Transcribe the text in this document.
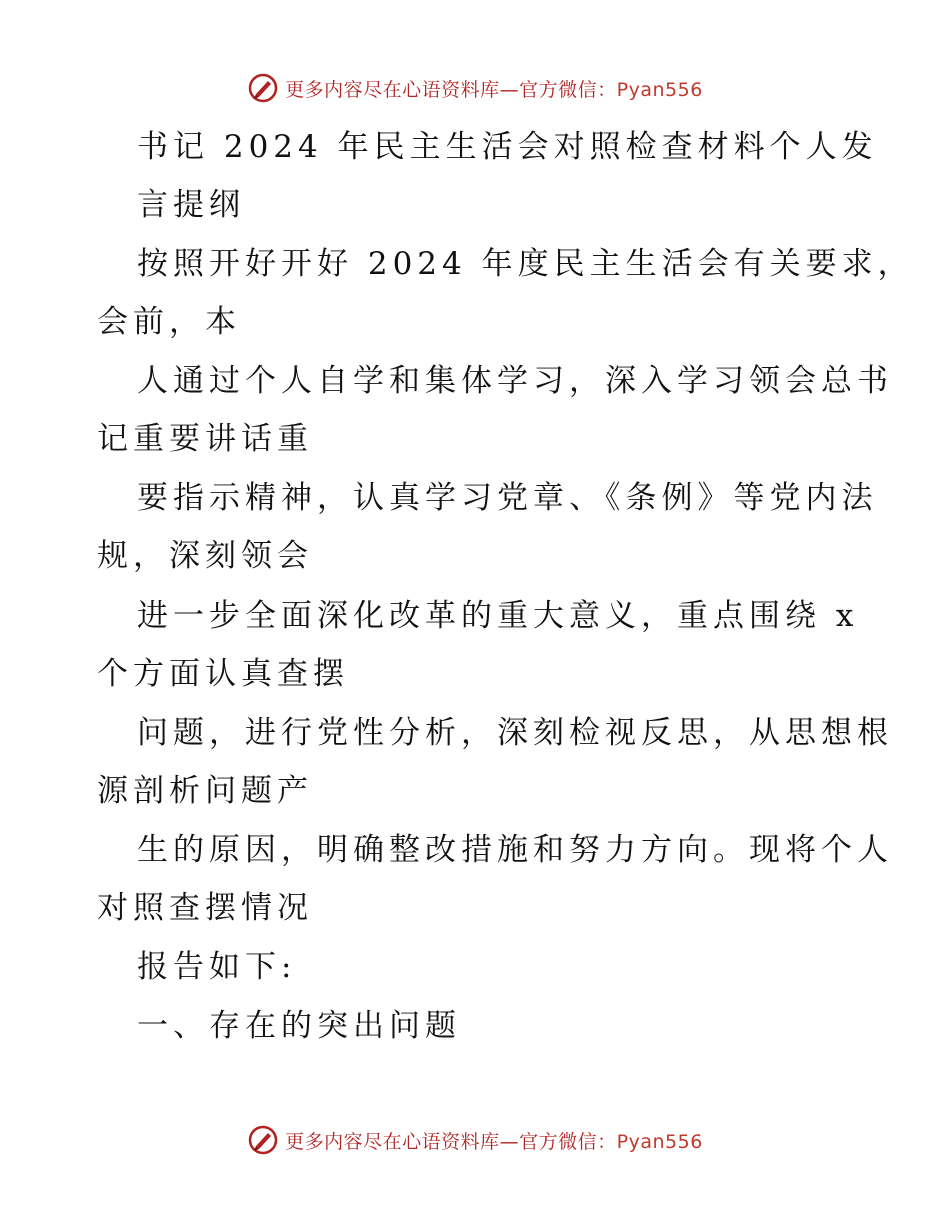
更多内容尽在心语资料库—官方微信：Pyan556
书记 2024 年民主生活会对照检查材料个人发
言提纲
按照开好开好 2024 年度民主生活会有关要求，
会前，本
人通过个人自学和集体学习，深入学习领会总书
记重要讲话重
要指示精神，认真学习党章、《条例》等党内法
规，深刻领会
进一步全面深化改革的重大意义，重点围绕 x
个方面认真查摆
问题，进行党性分析，深刻检视反思，从思想根
源剖析问题产
生的原因，明确整改措施和努力方向。现将个人
对照查摆情况
报告如下:
一、存在的突出问题
更多内容尽在心语资料库—官方微信：Pyan556
